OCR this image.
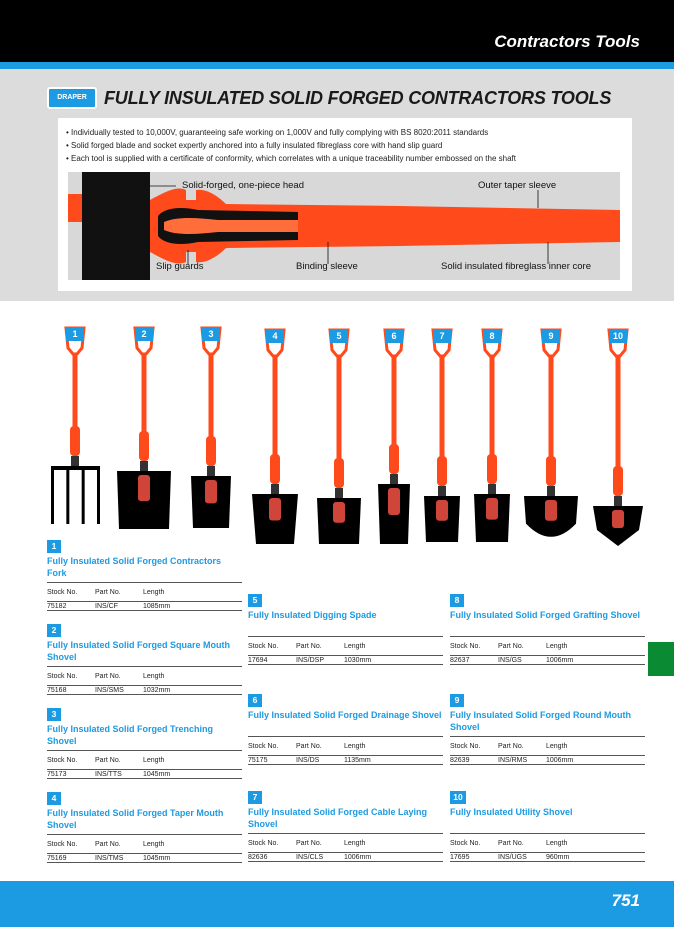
Contractors Tools
DRAPER FULLY INSULATED SOLID FORGED CONTRACTORS TOOLS
• Individually tested to 10,000V, guaranteeing safe working on 1,000V and fully complying with BS 8020:2011 standards
• Solid forged blade and socket expertly anchored into a fully insulated fibreglass core with hand slip guard
• Each tool is supplied with a certificate of conformity, which correlates with a unique traceability number embossed on the shaft
Solid-forged, one-piece head	Outer taper sleeve
Slip guards	Binding sleeve	Solid insulated fibreglass inner core
1	2	3	4	5	6	7	8	9	10
1
Fully Insulated Solid Forged Contractors Fork
Stock No.	Part No.	Length
75182	INS/CF	1085mm
2
Fully Insulated Solid Forged Square Mouth Shovel
Stock No.	Part No.	Length
75168	INS/SMS	1032mm
3
Fully Insulated Solid Forged Trenching Shovel
Stock No.	Part No.	Length
75173	INS/TTS	1045mm
4
Fully Insulated Solid Forged Taper Mouth Shovel
Stock No.	Part No.	Length
75169	INS/TMS	1045mm
5
Fully Insulated Digging Spade
Stock No.	Part No.	Length
17694	INS/DSP	1030mm
6
Fully Insulated Solid Forged Drainage Shovel
Stock No.	Part No.	Length
75175	INS/DS	1135mm
7
Fully Insulated Solid Forged Cable Laying Shovel
Stock No.	Part No.	Length
82636	INS/CLS	1006mm
8
Fully Insulated Solid Forged Grafting Shovel
Stock No.	Part No.	Length
82637	INS/GS	1006mm
9
Fully Insulated Solid Forged Round Mouth Shovel
Stock No.	Part No.	Length
82639	INS/RMS	1006mm
10
Fully Insulated Utility Shovel
Stock No.	Part No.	Length
17695	INS/UGS	960mm
751
